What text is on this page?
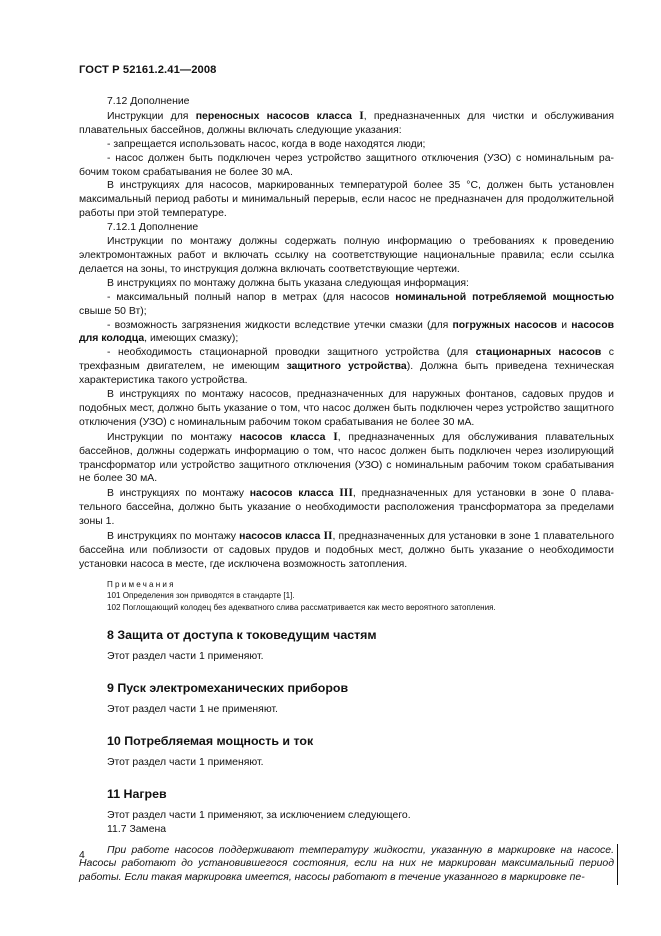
ГОСТ Р 52161.2.41—2008

7.12 Дополнение

Инструкции для переносных насосов класса I, предназначенных для чистки и обслуживания плавательных бассейнов, должны включать следующие указания:

- запрещается использовать насос, когда в воде находятся люди;

- насос должен быть подключен через устройство защитного отключения (УЗО) с номинальным рабочим током срабатывания не более 30 мА.

В инструкциях для насосов, маркированных температурой более 35 °С, должен быть установлен максимальный период работы и минимальный перерыв, если насос не предназначен для продолжительной работы при этой температуре.

7.12.1 Дополнение

Инструкции по монтажу должны содержать полную информацию о требованиях к проведению электромонтажных работ и включать ссылку на соответствующие национальные правила; если ссылка делается на зоны, то инструкция должна включать соответствующие чертежи.

В инструкциях по монтажу должна быть указана следующая информация:

- максимальный полный напор в метрах (для насосов номинальной потребляемой мощностью свыше 50 Вт);

- возможность загрязнения жидкости вследствие утечки смазки (для погружных насосов и насосов для колодца, имеющих смазку);

- необходимость стационарной проводки защитного устройства (для стационарных насосов с трехфазным двигателем, не имеющим защитного устройства). Должна быть приведена техническая характеристика такого устройства.

В инструкциях по монтажу насосов, предназначенных для наружных фонтанов, садовых прудов и подобных мест, должно быть указание о том, что насос должен быть подключен через устройство защитного отключения (УЗО) с номинальным рабочим током срабатывания не более 30 мА.

Инструкции по монтажу насосов класса I, предназначенных для обслуживания плавательных бассейнов, должны содержать информацию о том, что насос должен быть подключен через изолирующий трансформатор или устройство защитного отключения (УЗО) с номинальным рабочим током срабатывания не более 30 мА.

В инструкциях по монтажу насосов класса III, предназначенных для установки в зоне 0 плавательного бассейна, должно быть указание о необходимости расположения трансформатора за пределами зоны 1.

В инструкциях по монтажу насосов класса II, предназначенных для установки в зоне 1 плавательного бассейна или поблизости от садовых прудов и подобных мест, должно быть указание о необходимости установки насоса в месте, где исключена возможность затопления.

Примечания
101 Определения зон приводятся в стандарте [1].
102 Поглощающий колодец без адекватного слива рассматривается как место вероятного затопления.
8 Защита от доступа к токоведущим частям

Этот раздел части 1 применяют.

9 Пуск электромеханических приборов

Этот раздел части 1 не применяют.

10 Потребляемая мощность и ток

Этот раздел части 1 применяют.

11 Нагрев

Этот раздел части 1 применяют, за исключением следующего.

11.7 Замена

При работе насосов поддерживают температуру жидкости, указанную в маркировке на насосе. Насосы работают до установившегося состояния, если на них не маркирован максимальный период работы. Если такая маркировка имеется, насосы работают в течение указанного в маркировке пе-

4
